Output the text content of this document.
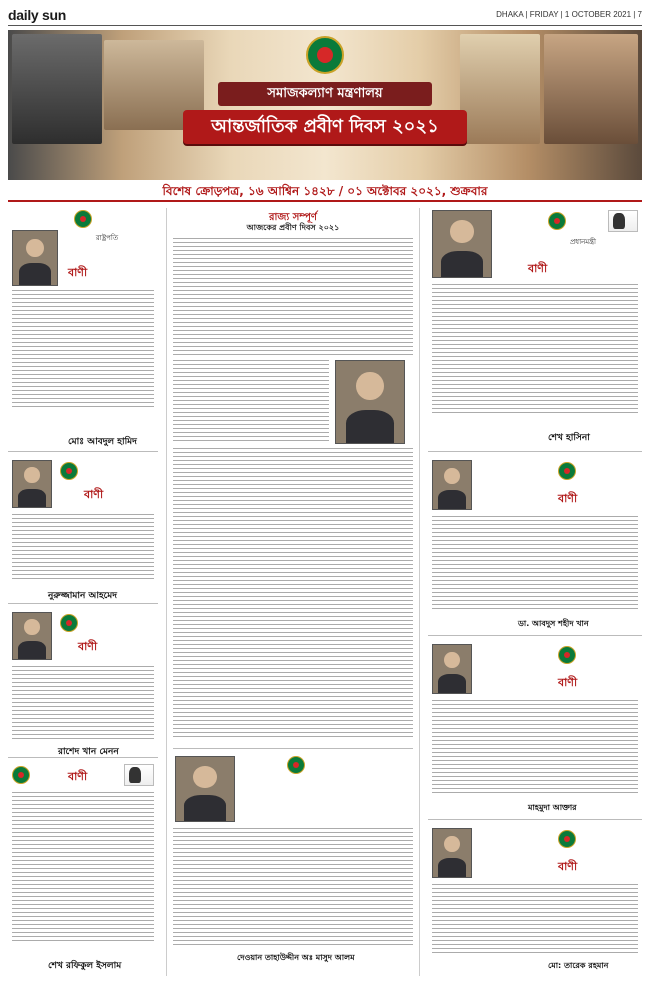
daily sun	DHAKA | FRIDAY | 1 OCTOBER 2021 | 7
সমাজকল্যাণ মন্ত্রণালয়
আন্তর্জাতিক প্রবীণ দিবস ২০২১
বিশেষ ক্রোড়পত্র, ১৬ আশ্বিন ১৪২৮ / ০১ অক্টোবর ২০২১, শুক্রবার
রাষ্ট্রপতি
বাণী
মোঃ আবদুল হামিদ
বাণী
নুরুজ্জামান আহমেদ
বাণী
রাশেদ খান মেনন
বাণী
শেখ রফিকুল ইসলাম
রাজ্য সম্পূর্ণ
আজকের প্রবীণ দিবস ২০২১
দেওয়ান তাহাউদ্দীন অঃ মাসুদ আলম
প্রধানমন্ত্রী
বাণী
শেখ হাসিনা
বাণী
ডা. আবদুস শহীদ খান
বাণী
মাহমুদা আক্তার
বাণী
মো: তারেক রহমান
